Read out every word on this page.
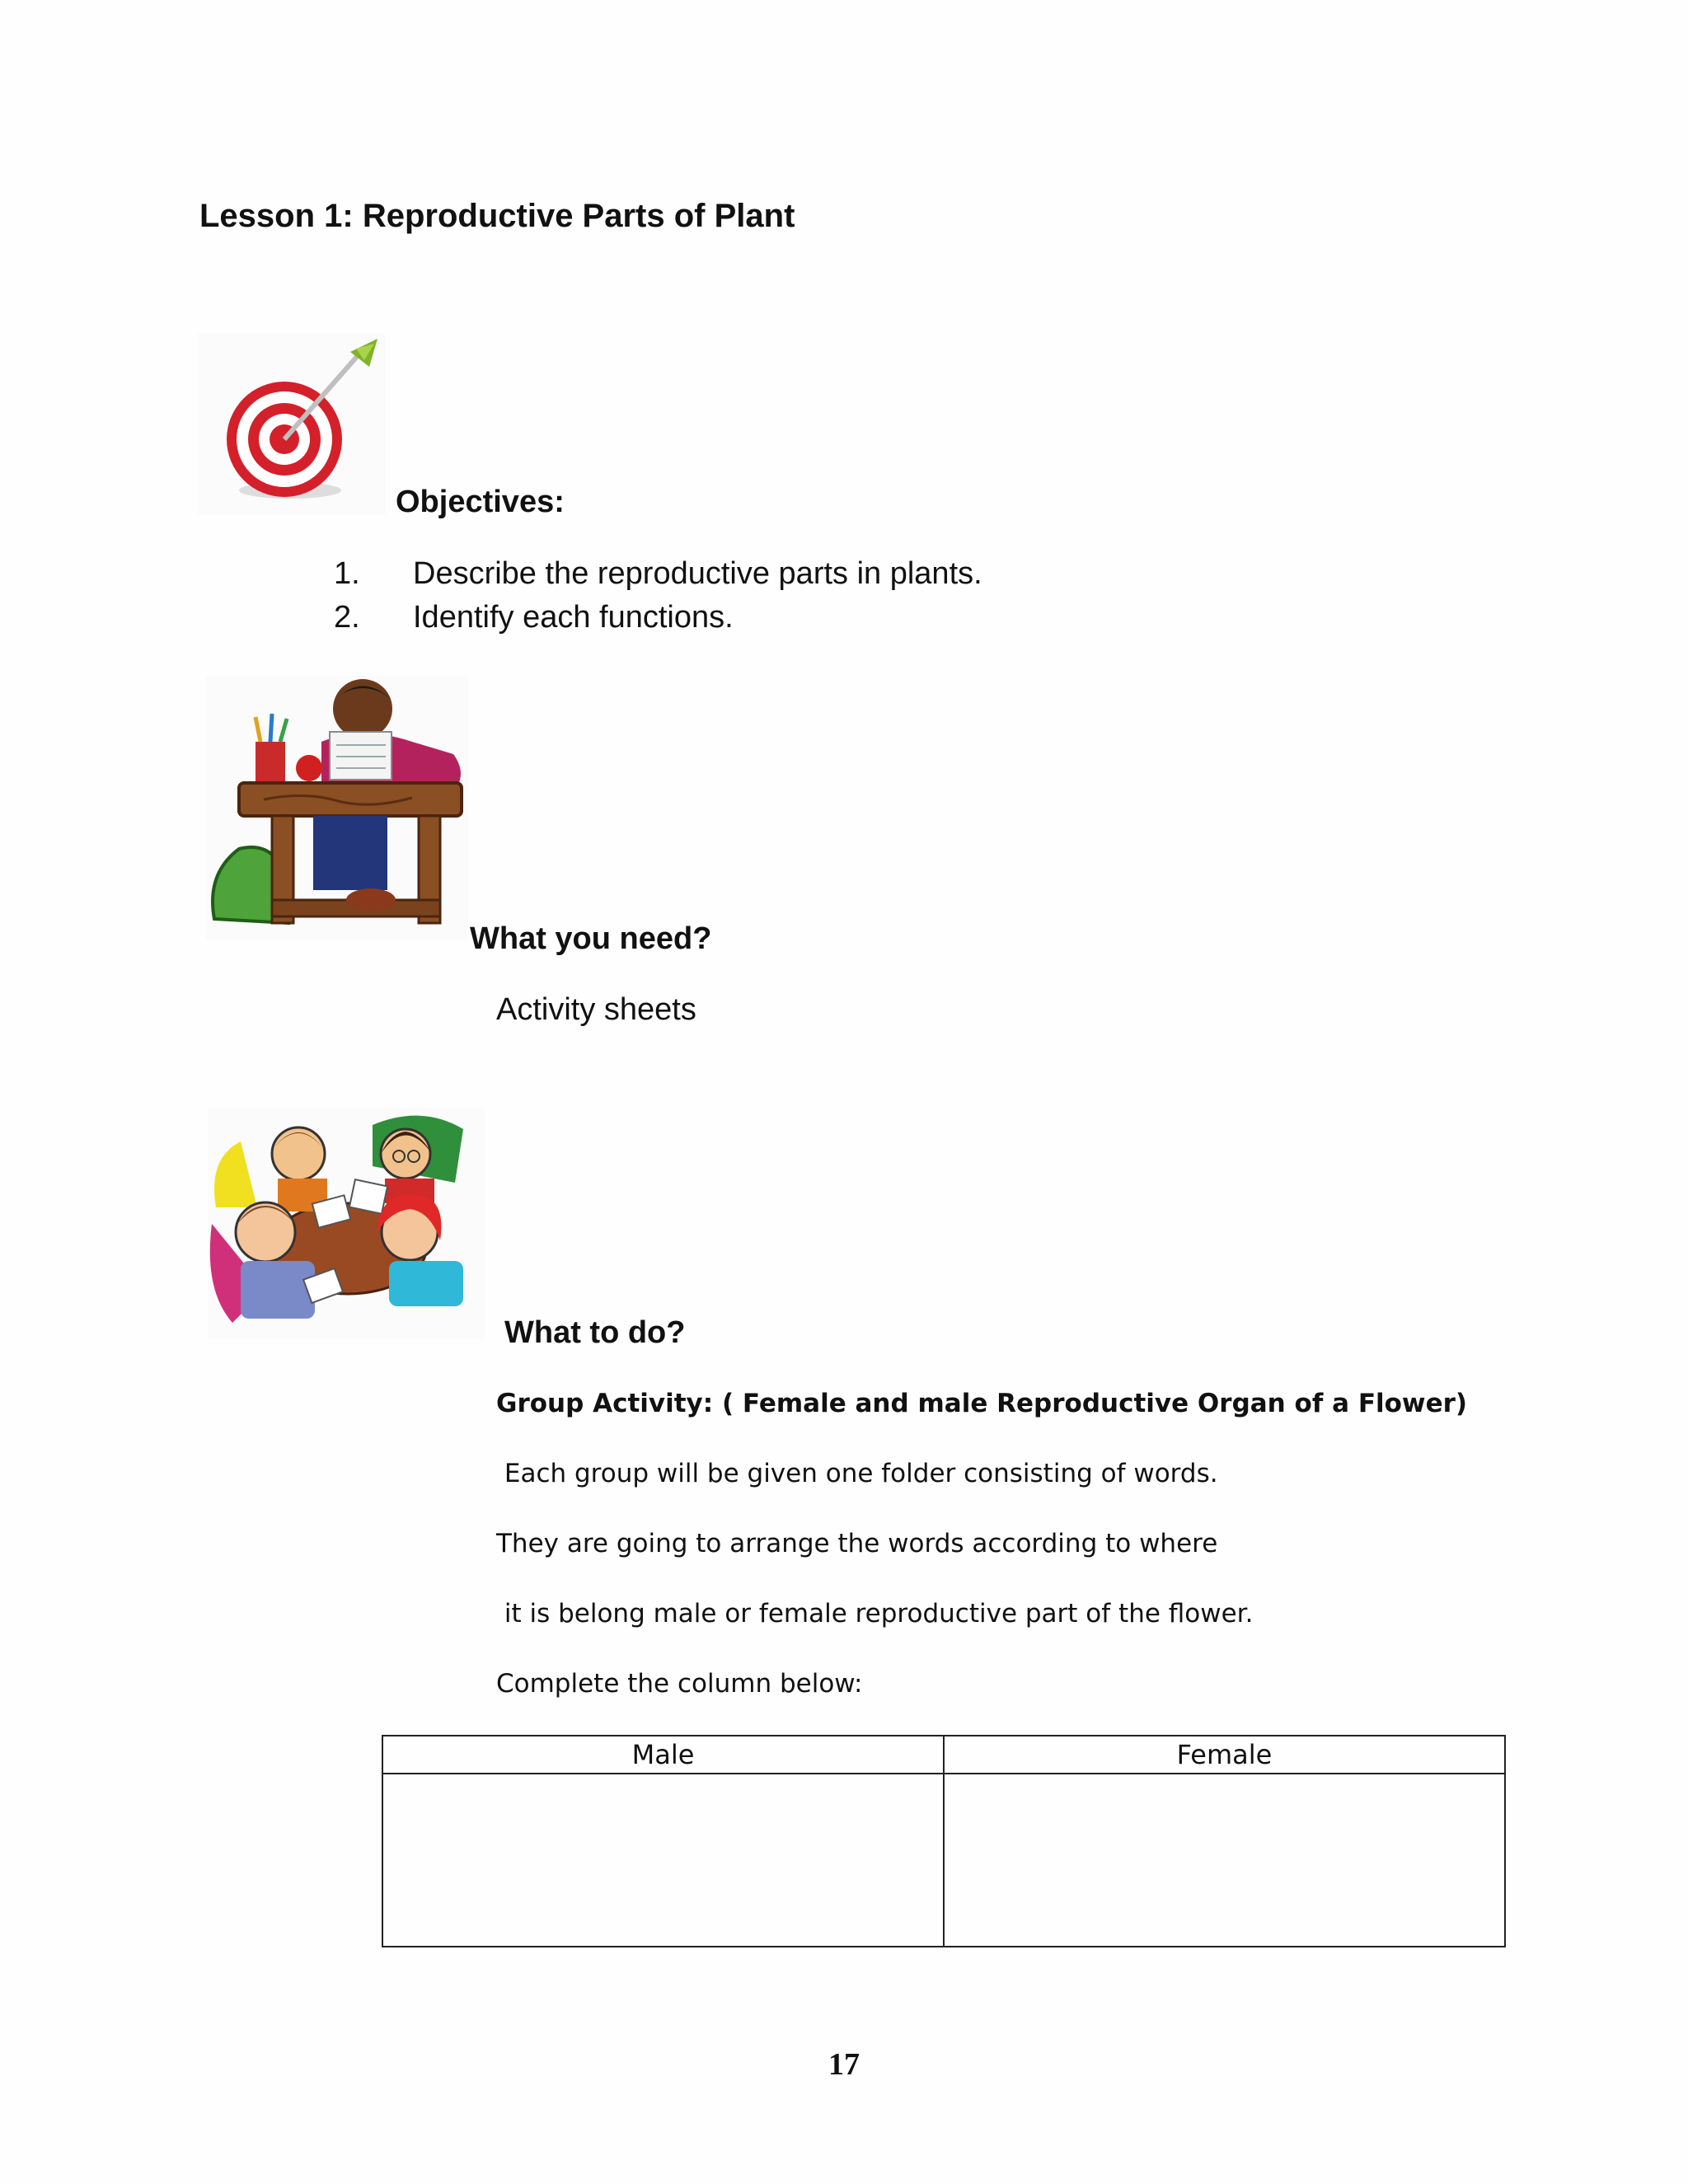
Lesson 1: Reproductive Parts of Plant
Objectives:
1.	Describe the reproductive parts in plants.
2.	Identify each functions.
What you need?
Activity sheets
What to do?
Group Activity: ( Female and male Reproductive Organ of a Flower)
Each group will be given one folder consisting of words.
They are going to arrange the words according to where
it is belong male or female reproductive part of the flower.
Complete the column below:
Male	Female

17
